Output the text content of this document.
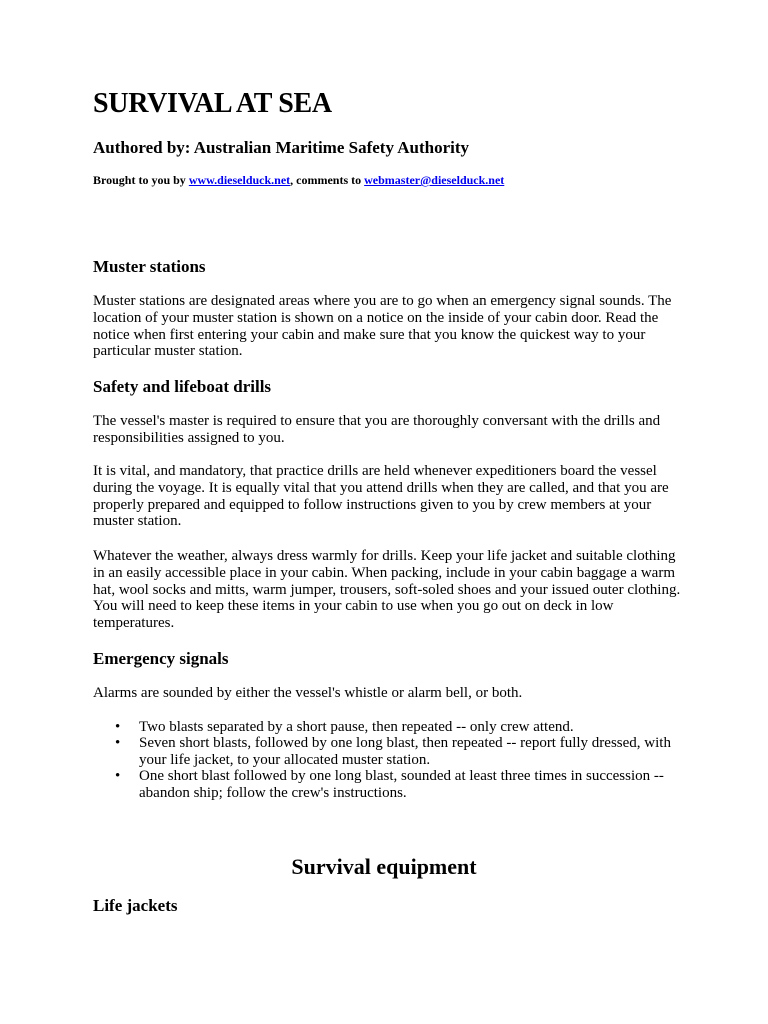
SURVIVAL AT SEA
Authored by: Australian Maritime Safety Authority
Brought to you by www.dieselduck.net, comments to webmaster@dieselduck.net
Muster stations

Muster stations are designated areas where you are to go when an emergency signal sounds. The location of your muster station is shown on a notice on the inside of your cabin door. Read the notice when first entering your cabin and make sure that you know the quickest way to your particular muster station.

Safety and lifeboat drills

The vessel's master is required to ensure that you are thoroughly conversant with the drills and responsibilities assigned to you.

It is vital, and mandatory, that practice drills are held whenever expeditioners board the vessel during the voyage. It is equally vital that you attend drills when they are called, and that you are properly prepared and equipped to follow instructions given to you by crew members at your muster station.

Whatever the weather, always dress warmly for drills. Keep your life jacket and suitable clothing in an easily accessible place in your cabin. When packing, include in your cabin baggage a warm hat, wool socks and mitts, warm jumper, trousers, soft-soled shoes and your issued outer clothing. You will need to keep these items in your cabin to use when you go out on deck in low temperatures.

Emergency signals

Alarms are sounded by either the vessel's whistle or alarm bell, or both.

• Two blasts separated by a short pause, then repeated -- only crew attend.
• Seven short blasts, followed by one long blast, then repeated -- report fully dressed, with your life jacket, to your allocated muster station.
• One short blast followed by one long blast, sounded at least three times in succession -- abandon ship; follow the crew's instructions.
Survival equipment
Life jackets
